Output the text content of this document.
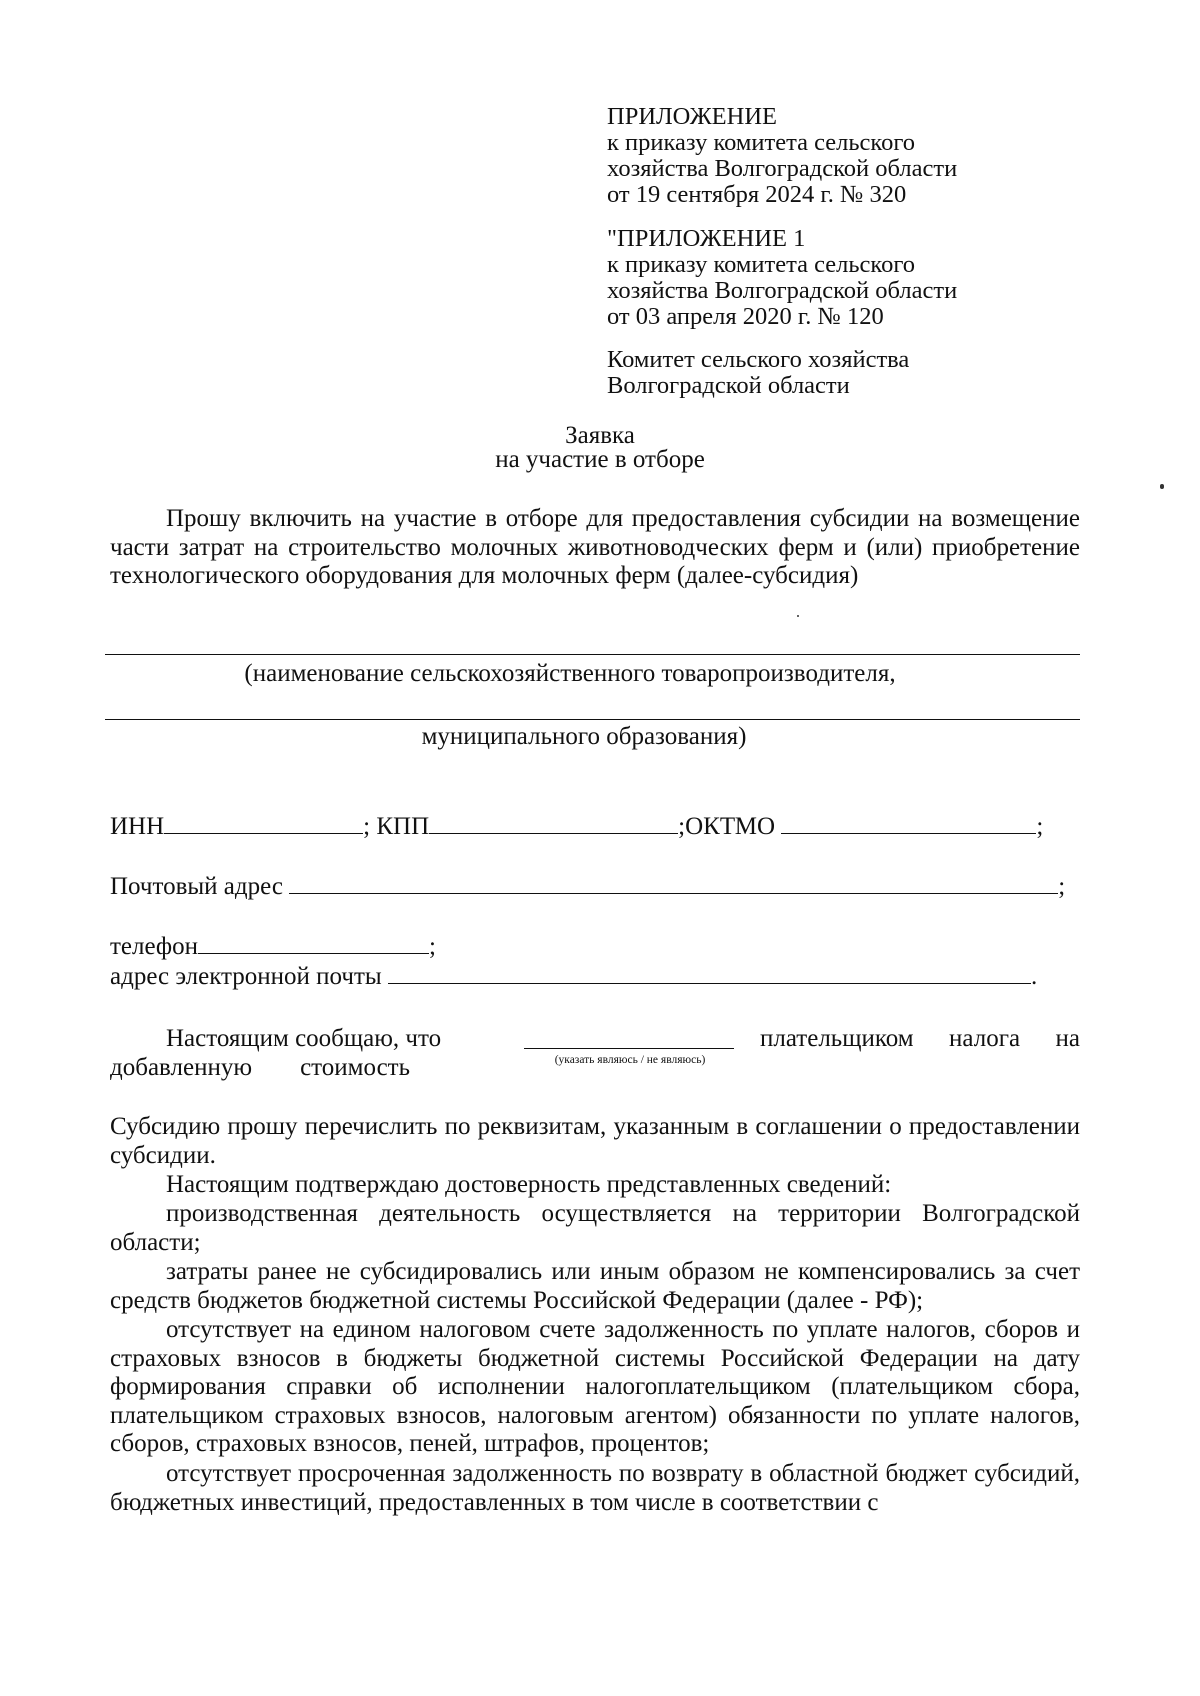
ПРИЛОЖЕНИЕ
к приказу комитета сельского
хозяйства Волгоградской области
от 19 сентября 2024 г. № 320
"ПРИЛОЖЕНИЕ 1
к приказу комитета сельского
хозяйства Волгоградской области
от 03 апреля 2020 г. № 120
Комитет сельского хозяйства
Волгоградской области
Заявка
на участие в отборе
Прошу включить на участие в отборе для предоставления субсидии на возмещение части затрат на строительство молочных животноводческих ферм и (или) приобретение технологического оборудования для молочных ферм (далее-субсидия)
(наименование сельскохозяйственного товаропроизводителя,
муниципального образования)
ИНН	; КПП	;ОКТМО	;
Почтовый адрес	;
телефон	;
адрес электронной почты	.
Настоящим сообщаю, что	плательщиком налога на
(указать являюсь / не являюсь)
добавленную стоимость
Субсидию прошу перечислить по реквизитам, указанным в соглашении о предоставлении субсидии.
Настоящим подтверждаю достоверность представленных сведений:
производственная деятельность осуществляется на территории Волгоградской области;
затраты ранее не субсидировались или иным образом не компенсировались за счет средств бюджетов бюджетной системы Российской Федерации (далее - РФ);
отсутствует на едином налоговом счете задолженность по уплате налогов, сборов и страховых взносов в бюджеты бюджетной системы Российской Федерации на дату формирования справки об исполнении налогоплательщиком (плательщиком сбора, плательщиком страховых взносов, налоговым агентом) обязанности по уплате налогов, сборов, страховых взносов, пеней, штрафов, процентов;
отсутствует просроченная задолженность по возврату в областной бюджет субсидий, бюджетных инвестиций, предоставленных в том числе в соответствии с
